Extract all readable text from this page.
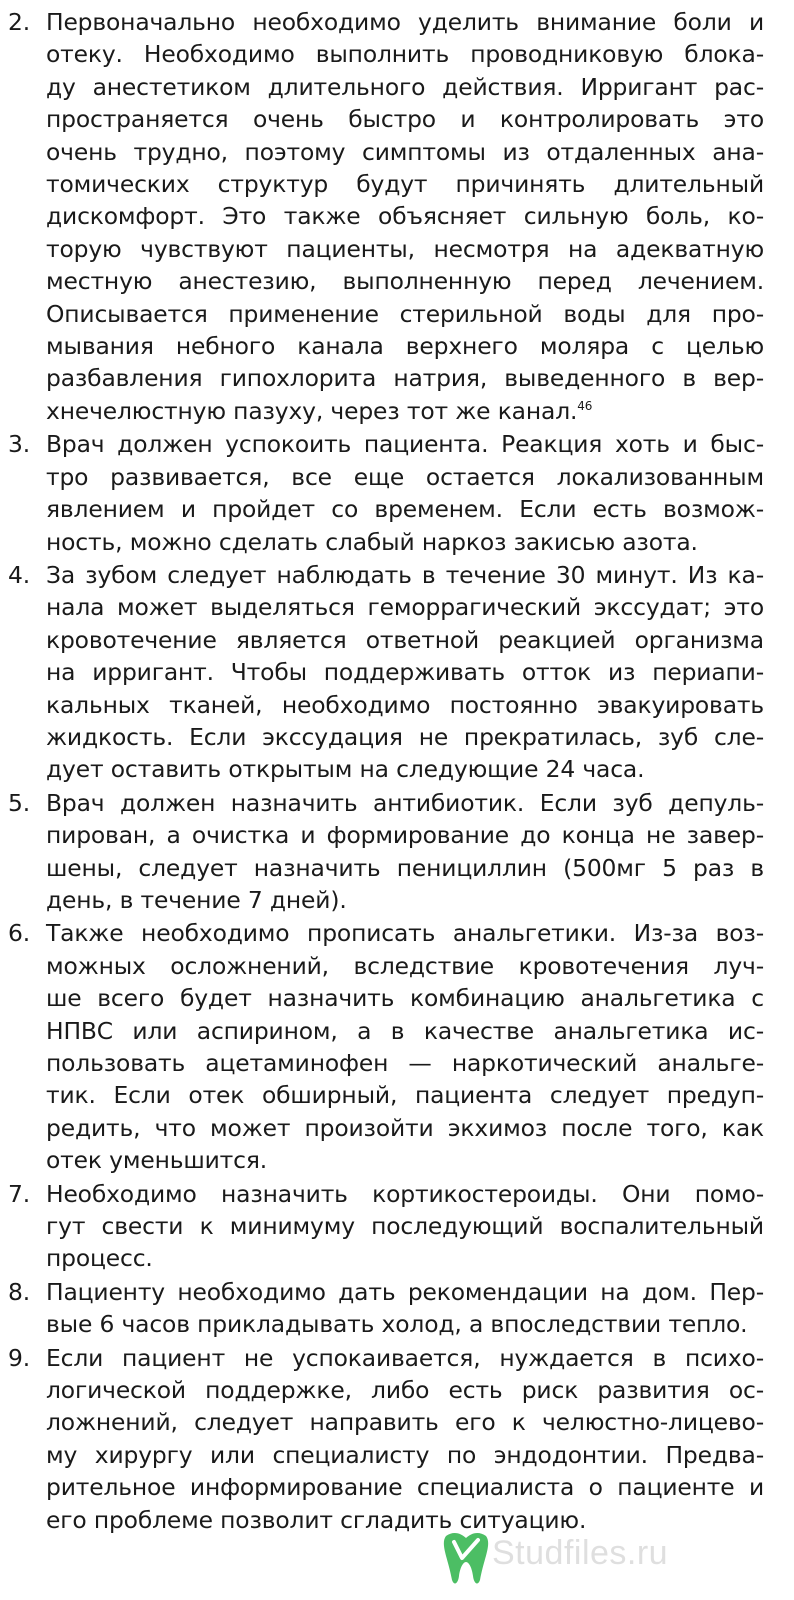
2. Первоначально необходимо уделить внимание боли и
отеку. Необходимо выполнить проводниковую блока-
ду анестетиком длительного действия. Ирригант рас-
пространяется очень быстро и контролировать это
очень трудно, поэтому симптомы из отдаленных ана-
томических структур будут причинять длительный
дискомфорт. Это также объясняет сильную боль, ко-
торую чувствуют пациенты, несмотря на адекватную
местную анестезию, выполненную перед лечением.
Описывается применение стерильной воды для про-
мывания небного канала верхнего моляра с целью
разбавления гипохлорита натрия, выведенного в вер-
хнечелюстную пазуху, через тот же канал.$^{46}$
3. Врач должен успокоить пациента. Реакция хоть и быс-
тро развивается, все еще остается локализованным
явлением и пройдет со временем. Если есть возмож-
ность, можно сделать слабый наркоз закисью азота.
4. За зубом следует наблюдать в течение 30 минут. Из ка-
нала может выделяться геморрагический экссудат; это
кровотечение является ответной реакцией организма
на ирригант. Чтобы поддерживать отток из периапи-
кальных тканей, необходимо постоянно эвакуировать
жидкость. Если экссудация не прекратилась, зуб сле-
дует оставить открытым на следующие 24 часа.
5. Врач должен назначить антибиотик. Если зуб депуль-
пирован, а очистка и формирование до конца не завер-
шены, следует назначить пенициллин (500мг 5 раз в
день, в течение 7 дней).
6. Также необходимо прописать анальгетики. Из-за воз-
можных осложнений, вследствие кровотечения луч-
ше всего будет назначить комбинацию анальгетика с
НПВС или аспирином, а в качестве анальгетика ис-
пользовать ацетаминофен — наркотический анальге-
тик. Если отек обширный, пациента следует предуп-
редить, что может произойти экхимоз после того, как
отек уменьшится.
7. Необходимо назначить кортикостероиды. Они помо-
гут свести к минимуму последующий воспалительный
процесс.
8. Пациенту необходимо дать рекомендации на дом. Пер-
вые 6 часов прикладывать холод, а впоследствии тепло.
9. Если пациент не успокаивается, нуждается в психо-
логической поддержке, либо есть риск развития ос-
ложнений, следует направить его к челюстно-лицево-
му хирургу или специалисту по эндодонтии. Предва-
рительное информирование специалиста о пациенте и
его проблеме позволит сгладить ситуацию.
Studfiles.ru
